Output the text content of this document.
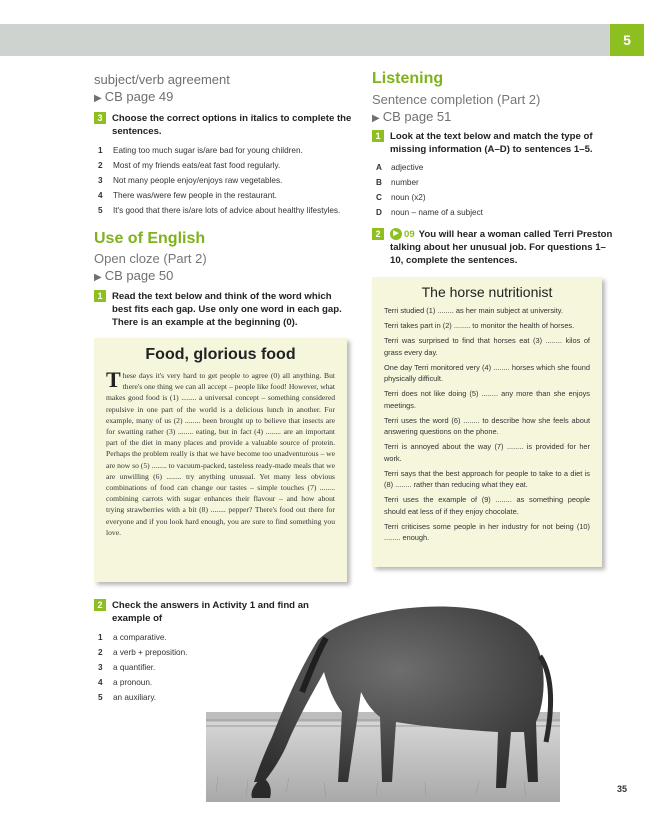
5
subject/verb agreement
▶ CB page 49
3 Choose the correct options in italics to complete the sentences.
1	Eating too much sugar is/are bad for young children.
2	Most of my friends eats/eat fast food regularly.
3	Not many people enjoy/enjoys raw vegetables.
4	There was/were few people in the restaurant.
5	It's good that there is/are lots of advice about healthy lifestyles.
Use of English
Open cloze (Part 2)
▶ CB page 50
1 Read the text below and think of the word which best fits each gap. Use only one word in each gap. There is an example at the beginning (0).
Food, glorious food
These days it's very hard to get people to agree (0) all anything. But there's one thing we can all accept – people like food! However, what makes good food is (1) ........ a universal concept – something considered repulsive in one part of the world is a delicious lunch in another. For example, many of us (2) ........ been brought up to believe that insects are for swatting rather (3) ........ eating, but in fact (4) ........ are an important part of the diet in many places and provide a valuable source of protein. Perhaps the problem really is that we have become too unadventurous – we are now so (5) ........ to vacuum-packed, tasteless ready-made meals that we are unwilling (6) ........ try anything unusual. Yet many less obvious combinations of food can change our tastes – simple touches (7) ........ combining carrots with sugar enhances their flavour – and how about trying strawberries with a bit (8) ........ pepper? There's food out there for everyone and if you look hard enough, you are sure to find something you love.
2 Check the answers in Activity 1 and find an example of
1	a comparative.
2	a verb + preposition.
3	a quantifier.
4	a pronoun.
5	an auxiliary.
Listening
Sentence completion (Part 2)
▶ CB page 51
1 Look at the text below and match the type of missing information (A–D) to sentences 1–5.
A	adjective
B	number
C	noun (x2)
D	noun – name of a subject
2 ▶ 09 You will hear a woman called Terri Preston talking about her unusual job. For questions 1–10, complete the sentences.
The horse nutritionist
Terri studied (1) ........ as her main subject at university.
Terri takes part in (2) ........ to monitor the health of horses.
Terri was surprised to find that horses eat (3) ........ kilos of grass every day.
One day Terri monitored very (4) ........ horses which she found physically difficult.
Terri does not like doing (5) ........ any more than she enjoys meetings.
Terri uses the word (6) ........ to describe how she feels about answering questions on the phone.
Terri is annoyed about the way (7) ........ is provided for her work.
Terri says that the best approach for people to take to a diet is (8) ........ rather than reducing what they eat.
Terri uses the example of (9) ........ as something people should eat less of if they enjoy chocolate.
Terri criticises some people in her industry for not being (10) ........ enough.
35
